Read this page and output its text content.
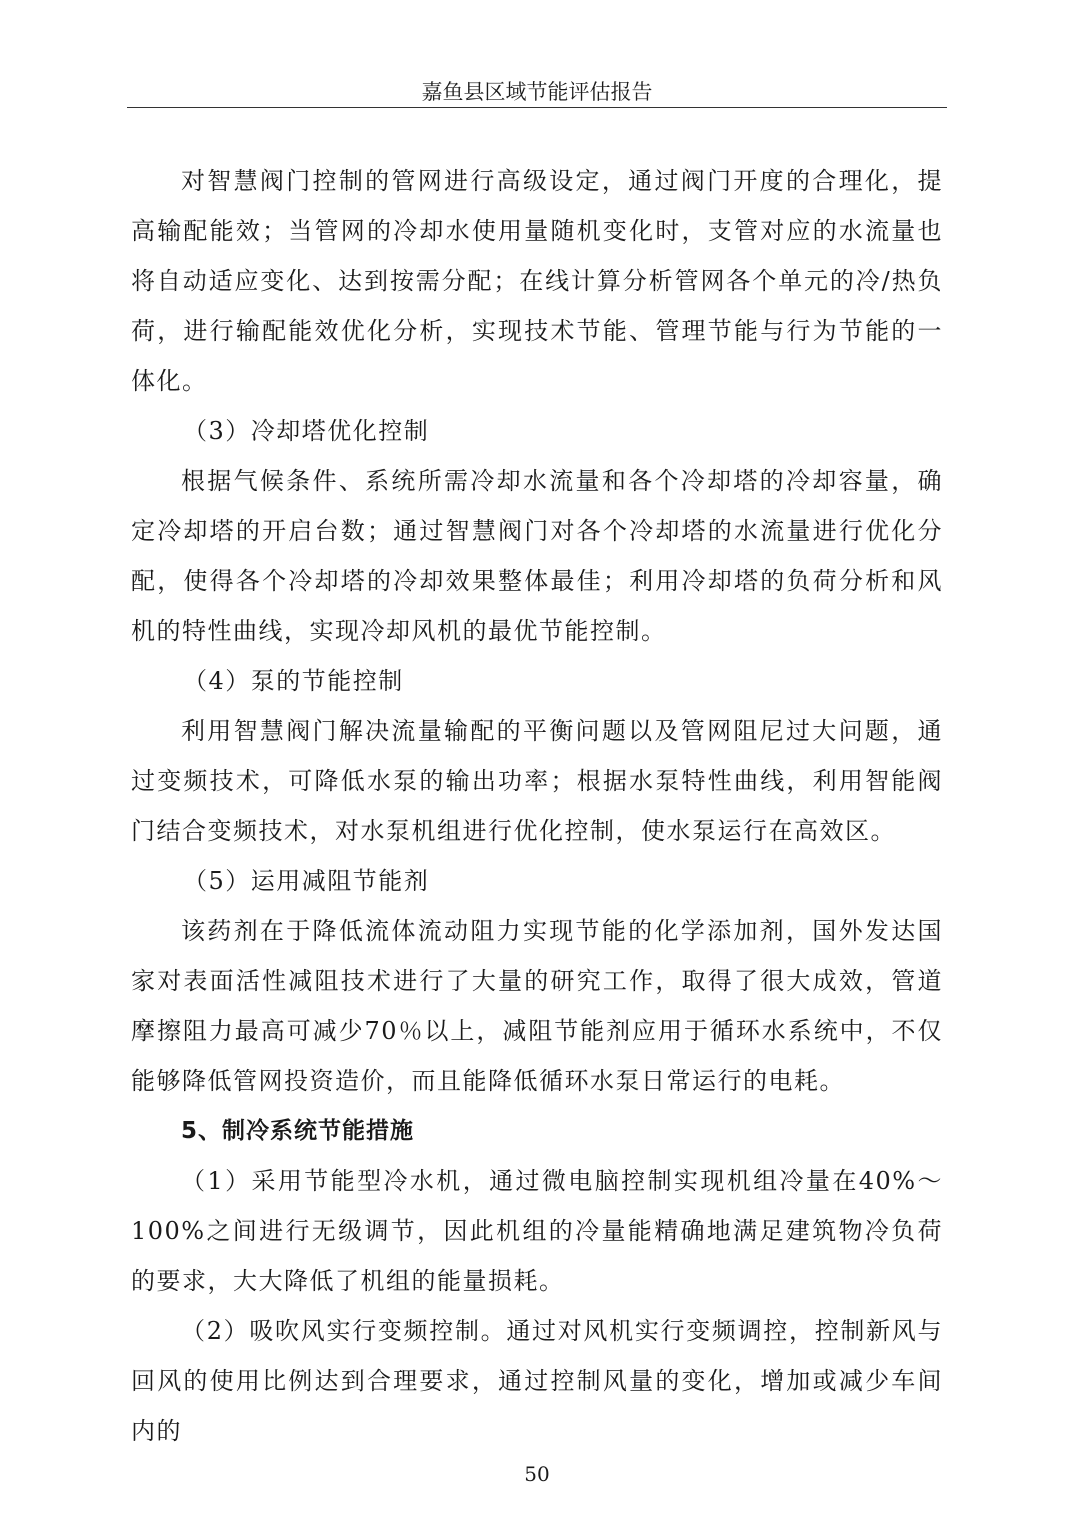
嘉鱼县区域节能评估报告

对智慧阀门控制的管网进行高级设定，通过阀门开度的合理化，提高输配能效；当管网的冷却水使用量随机变化时，支管对应的水流量也将自动适应变化、达到按需分配；在线计算分析管网各个单元的冷/热负荷，进行输配能效优化分析，实现技术节能、管理节能与行为节能的一体化。

（3）冷却塔优化控制

根据气候条件、系统所需冷却水流量和各个冷却塔的冷却容量，确定冷却塔的开启台数；通过智慧阀门对各个冷却塔的水流量进行优化分配，使得各个冷却塔的冷却效果整体最佳；利用冷却塔的负荷分析和风机的特性曲线，实现冷却风机的最优节能控制。

（4）泵的节能控制

利用智慧阀门解决流量输配的平衡问题以及管网阻尼过大问题，通过变频技术，可降低水泵的输出功率；根据水泵特性曲线，利用智能阀门结合变频技术，对水泵机组进行优化控制，使水泵运行在高效区。

（5）运用减阻节能剂

该药剂在于降低流体流动阻力实现节能的化学添加剂，国外发达国家对表面活性减阻技术进行了大量的研究工作，取得了很大成效，管道摩擦阻力最高可减少70％以上，减阻节能剂应用于循环水系统中，不仅能够降低管网投资造价，而且能降低循环水泵日常运行的电耗。

5、制冷系统节能措施

（1）采用节能型冷水机，通过微电脑控制实现机组冷量在40%～100%之间进行无级调节，因此机组的冷量能精确地满足建筑物冷负荷的要求，大大降低了机组的能量损耗。

（2）吸吹风实行变频控制。通过对风机实行变频调控，控制新风与回风的使用比例达到合理要求，通过控制风量的变化，增加或减少车间内的

50
